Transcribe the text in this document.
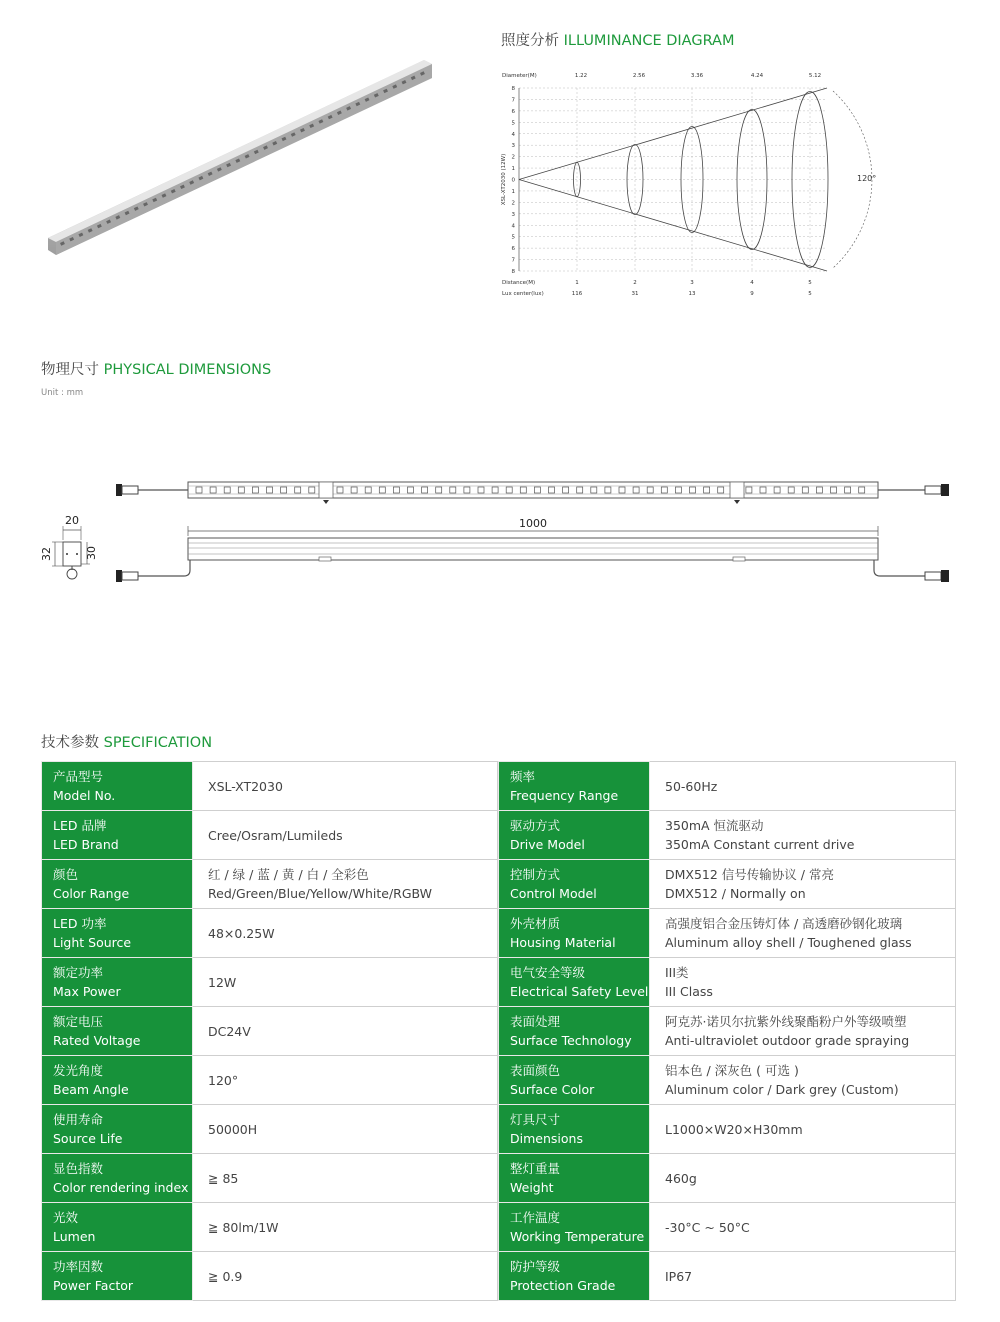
照度分析 ILLUMINANCE DIAGRAM
8
7
6
5
4
3
2
1
0
1
2
3
4
5
6
7
8
120°
Diameter(M)
Distance(M)
Lux center(lux)
1.22
1
116
2.56
2
31
3.36
3
13
4.24
4
9
5.12
5
5
XSL-XT2030 (12W)
物理尺寸 PHYSICAL DIMENSIONS
Unit : mm
1000
20
32	30
技术参数 SPECIFICATION
产品型号
Model No.	XSL-XT2030		频率
Frequency Range	50-60Hz

LED 品牌
LED Brand	Cree/Osram/Lumileds		驱动方式
Drive Model	350mA 恒流驱动
350mA Constant current drive

颜色
Color Range	红 / 绿 / 蓝 / 黄 / 白 / 全彩色
Red/Green/Blue/Yellow/White/RGBW		控制方式
Control Model	DMX512 信号传输协议 / 常亮
DMX512 / Normally on

LED 功率
Light Source	48×0.25W		外壳材质
Housing Material	高强度铝合金压铸灯体 / 高透磨砂钢化玻璃
Aluminum alloy shell / Toughened glass

额定功率
Max Power	12W		电气安全等级
Electrical Safety Level	III类
III Class

额定电压
Rated Voltage	DC24V		表面处理
Surface Technology	阿克苏·诺贝尔抗紫外线聚酯粉户外等级喷塑
Anti-ultraviolet outdoor grade spraying

发光角度
Beam Angle	120°		表面颜色
Surface Color	铝本色 / 深灰色 ( 可选 )
Aluminum color / Dark grey (Custom)

使用寿命
Source Life	50000H		灯具尺寸
Dimensions	L1000×W20×H30mm

显色指数
Color rendering index	≧ 85		整灯重量
Weight	460g

光效
Lumen	≧ 80lm/1W		工作温度
Working Temperature	-30°C ~ 50°C

功率因数
Power Factor	≧ 0.9		防护等级
Protection Grade	IP67
